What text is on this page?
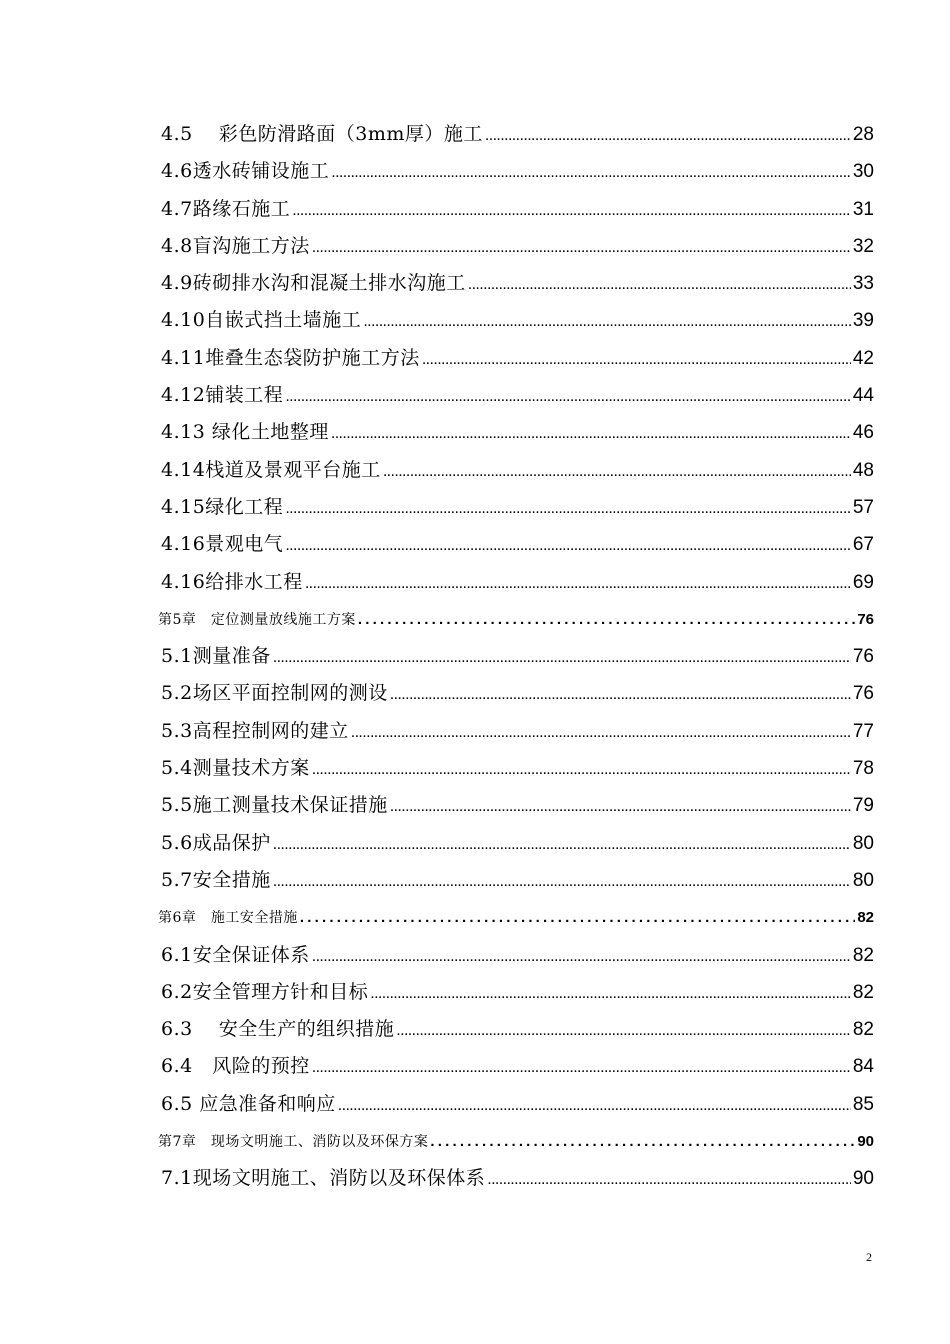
4.5　 彩色防滑路面（3mm厚）施工 .....	28
4.6透水砖铺设施工 .....	30
4.7路缘石施工 .....	31
4.8盲沟施工方法 .....	32
4.9砖砌排水沟和混凝土排水沟施工 .....	33
4.10自嵌式挡土墙施工 .....	39
4.11堆叠生态袋防护施工方法 .....	42
4.12铺装工程 .....	44
4.13 绿化土地整理 .....	46
4.14栈道及景观平台施工 .....	48
4.15绿化工程 .....	57
4.16景观电气 .....	67
4.16给排水工程 .....	69
第5章　定位测量放线施工方案 .....	76
5.1测量准备 .....	76
5.2场区平面控制网的测设 .....	76
5.3高程控制网的建立 .....	77
5.4测量技术方案 .....	78
5.5施工测量技术保证措施 .....	79
5.6成品保护 .....	80
5.7安全措施 .....	80
第6章　施工安全措施 .....	82
6.1安全保证体系 .....	82
6.2安全管理方针和目标 .....	82
6.3　 安全生产的组织措施 .....	82
6.4　风险的预控 .....	84
6.5 应急准备和响应 .....	85
第7章　现场文明施工、消防以及环保方案 .....	90
7.1现场文明施工、消防以及环保体系 .....	90
2
